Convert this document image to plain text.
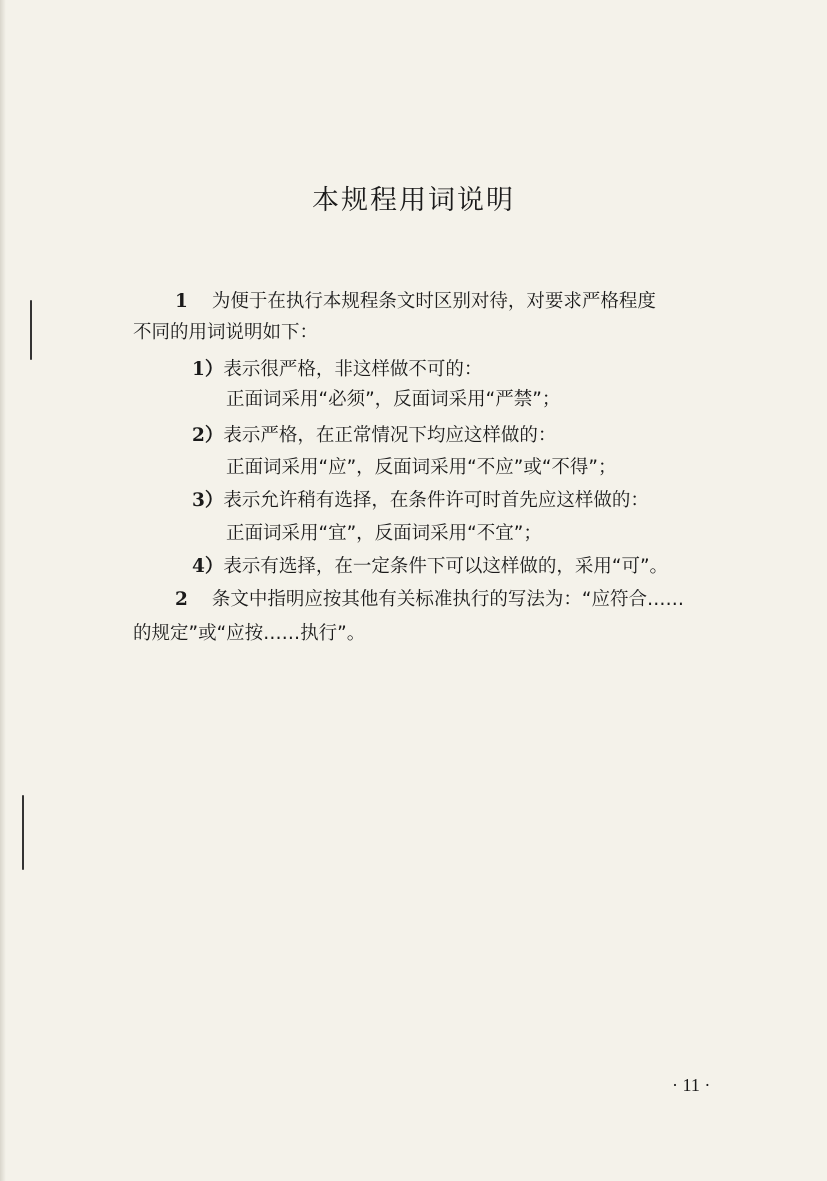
本规程用词说明
1 为便于在执行本规程条文时区别对待，对要求严格程度
不同的用词说明如下：
1）表示很严格，非这样做不可的：
正面词采用“必须”，反面词采用“严禁”；
2）表示严格，在正常情况下均应这样做的：
正面词采用“应”，反面词采用“不应”或“不得”；
3）表示允许稍有选择，在条件许可时首先应这样做的：
正面词采用“宜”，反面词采用“不宜”；
4）表示有选择，在一定条件下可以这样做的，采用“可”。
2 条文中指明应按其他有关标准执行的写法为：“应符合……
的规定”或“应按……执行”。
· 11 ·
